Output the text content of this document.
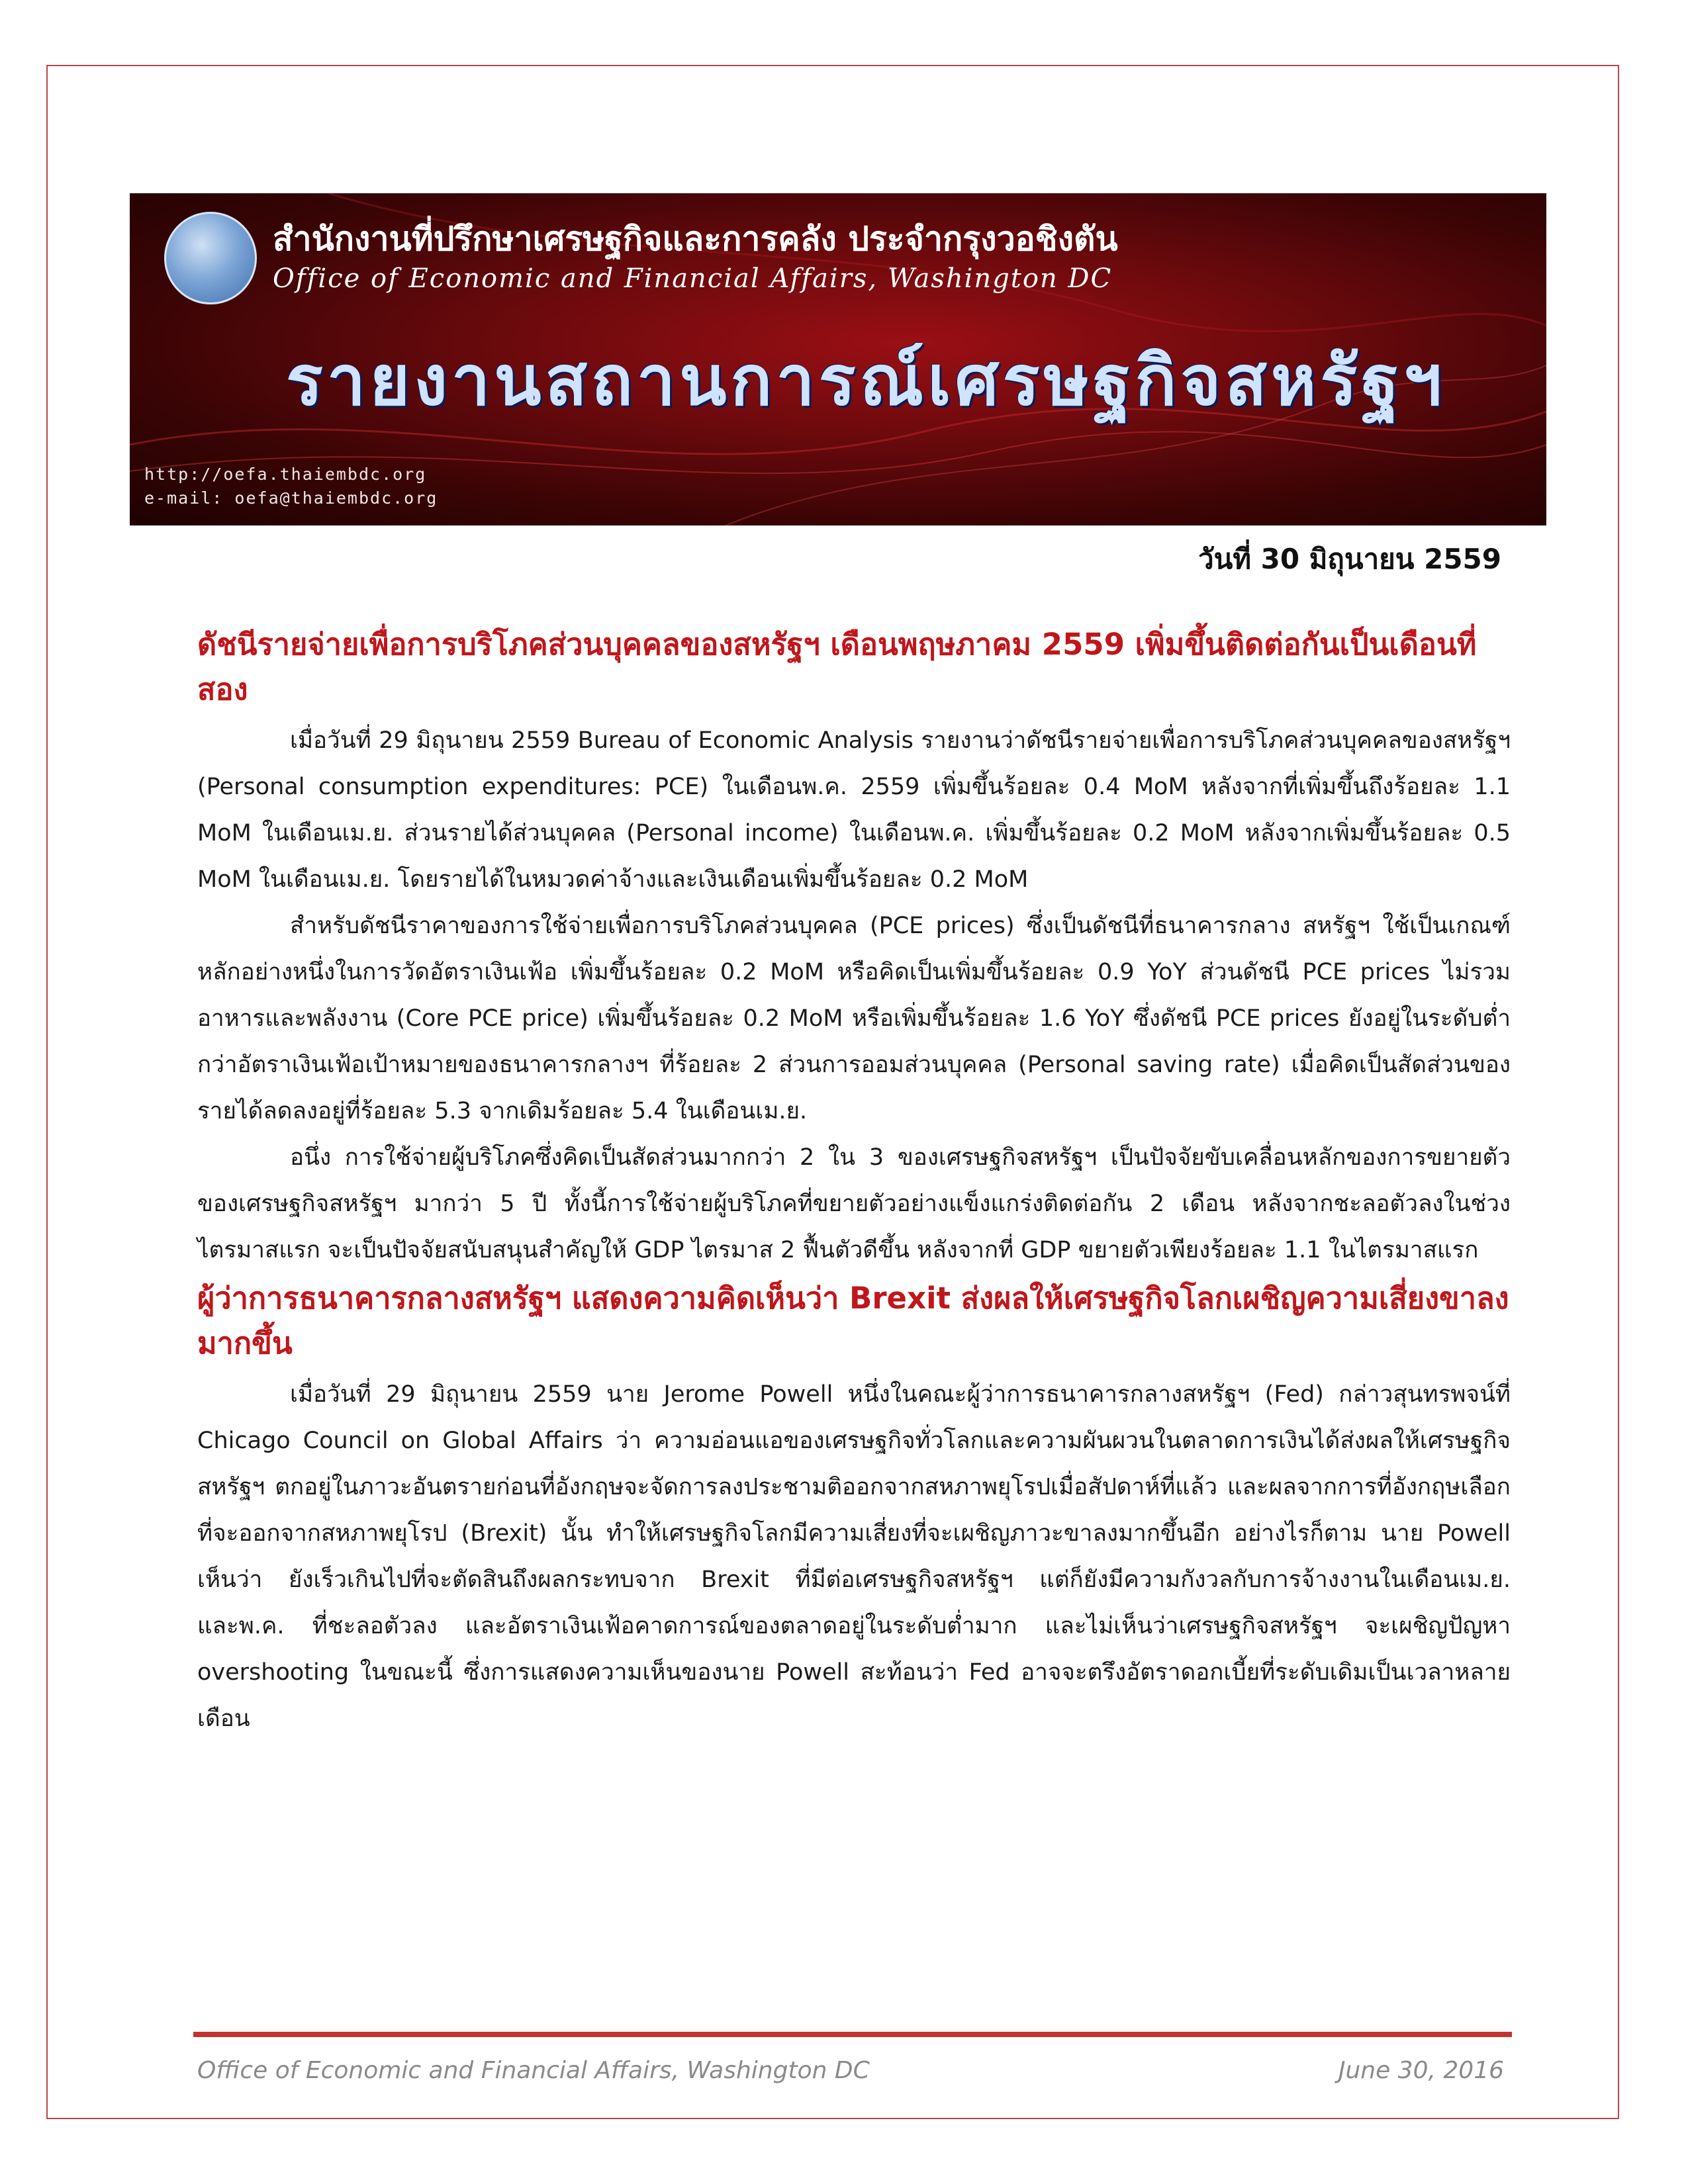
สำนักงานที่ปรึกษาเศรษฐกิจและการคลัง ประจำกรุงวอชิงตัน
Office of Economic and Financial Affairs, Washington DC
รายงานสถานการณ์เศรษฐกิจสหรัฐฯ
http://oefa.thaiembdc.org
e-mail: oefa@thaiembdc.org
วันที่ 30 มิถุนายน 2559
ดัชนีรายจ่ายเพื่อการบริโภคส่วนบุคคลของสหรัฐฯ เดือนพฤษภาคม 2559 เพิ่มขึ้นติดต่อกันเป็นเดือนที่สอง

เมื่อวันที่ 29 มิถุนายน 2559 Bureau of Economic Analysis รายงานว่าดัชนีรายจ่ายเพื่อการบริโภคส่วนบุคคลของสหรัฐฯ (Personal consumption expenditures: PCE) ในเดือนพ.ค. 2559 เพิ่มขึ้นร้อยละ 0.4 MoM หลังจากที่เพิ่มขึ้นถึงร้อยละ 1.1 MoM ในเดือนเม.ย. ส่วนรายได้ส่วนบุคคล (Personal income) ในเดือนพ.ค. เพิ่มขึ้นร้อยละ 0.2 MoM หลังจากเพิ่มขึ้นร้อยละ 0.5 MoM ในเดือนเม.ย. โดยรายได้ในหมวดค่าจ้างและเงินเดือนเพิ่มขึ้นร้อยละ 0.2 MoM

สำหรับดัชนีราคาของการใช้จ่ายเพื่อการบริโภคส่วนบุคคล (PCE prices) ซึ่งเป็นดัชนีที่ธนาคารกลาง สหรัฐฯ ใช้เป็นเกณฑ์หลักอย่างหนึ่งในการวัดอัตราเงินเฟ้อ เพิ่มขึ้นร้อยละ 0.2 MoM หรือคิดเป็นเพิ่มขึ้นร้อยละ 0.9 YoY ส่วนดัชนี PCE prices ไม่รวมอาหารและพลังงาน (Core PCE price) เพิ่มขึ้นร้อยละ 0.2 MoM หรือเพิ่มขึ้นร้อยละ 1.6 YoY ซึ่งดัชนี PCE prices ยังอยู่ในระดับต่ำกว่าอัตราเงินเฟ้อเป้าหมายของธนาคารกลางฯ ที่ร้อยละ 2 ส่วนการออมส่วนบุคคล (Personal saving rate) เมื่อคิดเป็นสัดส่วนของรายได้ลดลงอยู่ที่ร้อยละ 5.3 จากเดิมร้อยละ 5.4 ในเดือนเม.ย.

อนึ่ง การใช้จ่ายผู้บริโภคซึ่งคิดเป็นสัดส่วนมากกว่า 2 ใน 3 ของเศรษฐกิจสหรัฐฯ เป็นปัจจัยขับเคลื่อนหลักของการขยายตัวของเศรษฐกิจสหรัฐฯ มากว่า 5 ปี ทั้งนี้การใช้จ่ายผู้บริโภคที่ขยายตัวอย่างแข็งแกร่งติดต่อกัน 2 เดือน หลังจากชะลอตัวลงในช่วงไตรมาสแรก จะเป็นปัจจัยสนับสนุนสำคัญให้ GDP ไตรมาส 2 ฟื้นตัวดีขึ้น หลังจากที่ GDP ขยายตัวเพียงร้อยละ 1.1 ในไตรมาสแรก

ผู้ว่าการธนาคารกลางสหรัฐฯ แสดงความคิดเห็นว่า Brexit ส่งผลให้เศรษฐกิจโลกเผชิญความเสี่ยงขาลงมากขึ้น

เมื่อวันที่ 29 มิถุนายน 2559 นาย Jerome Powell หนึ่งในคณะผู้ว่าการธนาคารกลางสหรัฐฯ (Fed) กล่าวสุนทรพจน์ที่ Chicago Council on Global Affairs ว่า ความอ่อนแอของเศรษฐกิจทั่วโลกและความผันผวนในตลาดการเงินได้ส่งผลให้เศรษฐกิจสหรัฐฯ ตกอยู่ในภาวะอันตรายก่อนที่อังกฤษจะจัดการลงประชามติออกจากสหภาพยุโรปเมื่อสัปดาห์ที่แล้ว และผลจากการที่อังกฤษเลือกที่จะออกจากสหภาพยุโรป (Brexit) นั้น ทำให้เศรษฐกิจโลกมีความเสี่ยงที่จะเผชิญภาวะขาลงมากขึ้นอีก อย่างไรก็ตาม นาย Powell เห็นว่า ยังเร็วเกินไปที่จะตัดสินถึงผลกระทบจาก Brexit ที่มีต่อเศรษฐกิจสหรัฐฯ แต่ก็ยังมีความกังวลกับการจ้างงานในเดือนเม.ย. และพ.ค. ที่ชะลอตัวลง และอัตราเงินเฟ้อคาดการณ์ของตลาดอยู่ในระดับต่ำมาก และไม่เห็นว่าเศรษฐกิจสหรัฐฯ จะเผชิญปัญหา overshooting ในขณะนี้ ซึ่งการแสดงความเห็นของนาย Powell สะท้อนว่า Fed อาจจะตรึงอัตราดอกเบี้ยที่ระดับเดิมเป็นเวลาหลายเดือน

Office of Economic and Financial Affairs, Washington DC	June 30, 2016
